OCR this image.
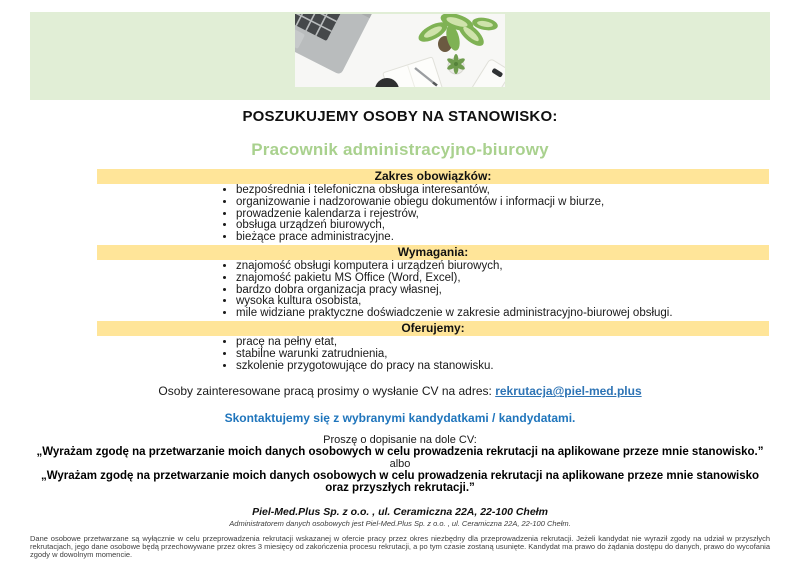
POSZUKUJEMY OSOBY NA STANOWISKO:
Pracownik administracyjno-biurowy
Zakres obowiązków:
• bezpośrednia i telefoniczna obsługa interesantów,
• organizowanie i nadzorowanie obiegu dokumentów i informacji w biurze,
• prowadzenie kalendarza i rejestrów,
• obsługa urządzeń biurowych,
• bieżące prace administracyjne.
Wymagania:
• znajomość obsługi komputera i urządzeń biurowych,
• znajomość pakietu MS Office (Word, Excel),
• bardzo dobra organizacja pracy własnej,
• wysoka kultura osobista,
• mile widziane praktyczne doświadczenie w zakresie administracyjno-biurowej obsługi.
Oferujemy:
• pracę na pełny etat,
• stabilne warunki zatrudnienia,
• szkolenie przygotowujące do pracy na stanowisku.
Osoby zainteresowane pracą prosimy o wysłanie CV na adres: rekrutacja@piel-med.plus
Skontaktujemy się z wybranymi kandydatkami / kandydatami.
Proszę o dopisanie na dole CV:
„Wyrażam zgodę na przetwarzanie moich danych osobowych w celu prowadzenia rekrutacji na aplikowane przeze mnie stanowisko.”
albo
„Wyrażam zgodę na przetwarzanie moich danych osobowych w celu prowadzenia rekrutacji na aplikowane przeze mnie stanowisko oraz przyszłych rekrutacji.”
Piel-Med.Plus Sp. z o.o. , ul. Ceramiczna 22A, 22-100 Chełm
Administratorem danych osobowych jest Piel-Med.Plus Sp. z o.o. , ul. Ceramiczna 22A, 22-100 Chełm.
Dane osobowe przetwarzane są wyłącznie w celu przeprowadzenia rekrutacji wskazanej w ofercie pracy przez okres niezbędny dla przeprowadzenia rekrutacji. Jeżeli kandydat nie wyraził zgody na udział w przyszłych rekrutacjach, jego dane osobowe będą przechowywane przez okres 3 miesięcy od zakończenia procesu rekrutacji, a po tym czasie zostaną usunięte. Kandydat ma prawo do żądania dostępu do danych, prawo do wycofania zgody w dowolnym momencie.
